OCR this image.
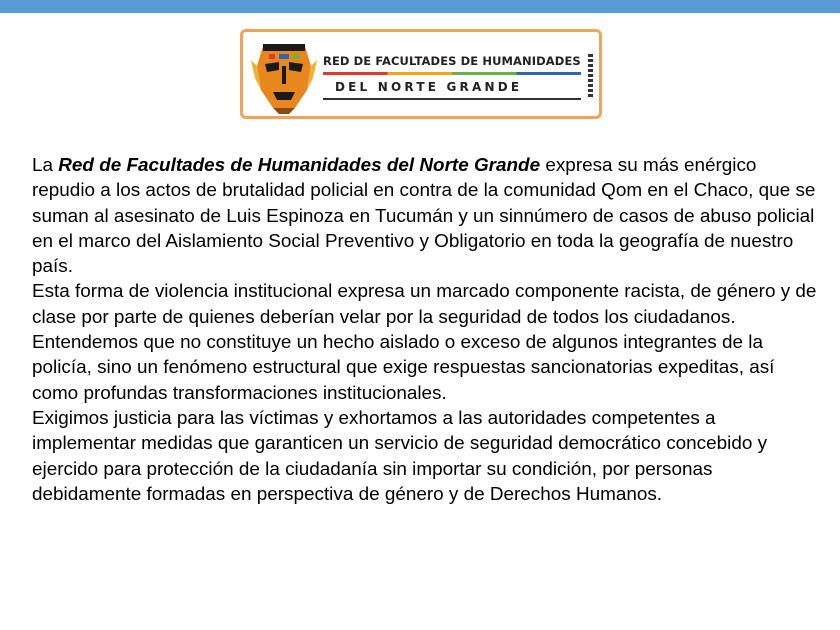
RED DE FACULTADES DE HUMANIDADES
DEL NORTE GRANDE

La Red de Facultades de Humanidades del Norte Grande expresa su más enérgico repudio a los actos de brutalidad policial en contra de la comunidad Qom en el Chaco, que se suman al asesinato de Luis Espinoza en Tucumán y un sinnúmero de casos de abuso policial en el marco del Aislamiento Social Preventivo y Obligatorio en toda la geografía de nuestro país.

Esta forma de violencia institucional expresa un marcado componente racista, de género y de clase por parte de quienes deberían velar por la seguridad de todos los ciudadanos. Entendemos que no constituye un hecho aislado o exceso de algunos integrantes de la policía, sino un fenómeno estructural que exige respuestas sancionatorias expeditas, así como profundas transformaciones institucionales.

Exigimos justicia para las víctimas y exhortamos a las autoridades competentes a implementar medidas que garanticen un servicio de seguridad democrático concebido y ejercido para protección de la ciudadanía sin importar su condición, por personas debidamente formadas en perspectiva de género y de Derechos Humanos.
